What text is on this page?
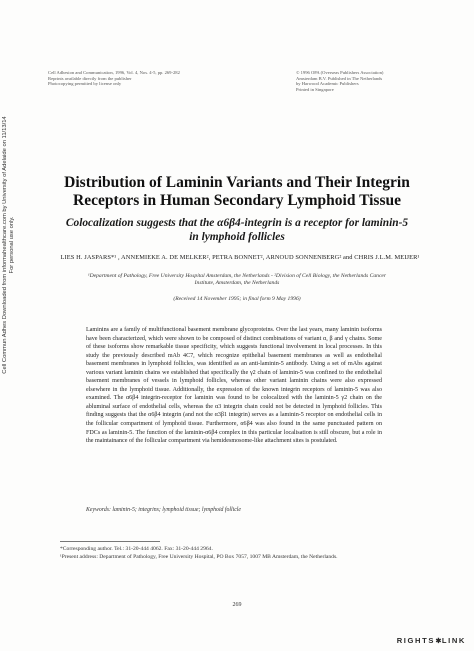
Cell Adhesion and Communication, 1996, Vol. 4, Nos. 4-5, pp. 269-282
Reprints available directly from the publisher
Photocopying permitted by license only
© 1996 OPA (Overseas Publishers Association)
Amsterdam B.V. Published in The Netherlands
by Harwood Academic Publishers
Printed in Singapore
Cell Commun Adhes Downloaded from informahealthcare.com by University of Adelaide on 11/13/14 For personal use only.
Distribution of Laminin Variants and Their Integrin
Receptors in Human Secondary Lymphoid Tissue
Colocalization suggests that the α6β4-integrin is a receptor for laminin-5
in lymphoid follicles
LIES H. JASPARS*¹ , ANNEMIEKE A. DE MELKER², PETRA BONNET², ARNOUD SONNENBERG² and CHRIS J.L.M. MEIJER¹
¹Department of Pathology, Free University Hospital Amsterdam, the Netherlands - ²Division of Cell Biology, the Netherlands Cancer
Institute, Amsterdam, the Netherlands
(Received 14 November 1995; in final form 9 May 1996)
Laminins are a family of multifunctional basement membrane glycoproteins. Over the last years, many laminin isoforms have been characterized, which were shown to be composed of distinct combinations of variant α, β and γ chains. Some of these isoforms show remarkable tissue specificity, which suggests functional involvement in local processes. In this study the previously described mAb 4C7, which recognize epithelial basement membranes as well as endothelial basement membranes in lymphoid follicles, was identified as an anti-laminin-5 antibody. Using a set of mAbs against various variant laminin chains we established that specifically the γ2 chain of laminin-5 was confined to the endothelial basement membranes of vessels in lymphoid follicles, whereas other variant laminin chains were also expressed elsewhere in the lymphoid tissue. Additionally, the expression of the known integrin receptors of laminin-5 was also examined. The α6β4 integrin-receptor for laminin was found to be colocalized with the laminin-5 γ2 chain on the abluminal surface of endothelial cells, whereas the α3 integrin chain could not be detected in lymphoid follicles. This finding suggests that the α6β4 integrin (and not the α3β1 integrin) serves as a laminin-5 receptor on endothelial cells in the follicular compartment of lymphoid tissue. Furthermore, α6β4 was also found in the same punctuated pattern on FDCs as laminin-5. The function of the laminin-α6β4 complex in this particular localisation is still obscure, but a role in the maintainance of the follicular compartment via hemidesmosome-like attachment sites is postulated.
Keywords: laminin-5; integrins; lymphoid tissue; lymphoid follicle
*Corresponding author. Tel.: 31-20-444 4062. Fax: 31-20-444 2964.
¹Present address: Department of Pathology, Free University Hospital, PO Box 7057, 1007 MB Amsterdam, the Netherlands.
269
RIGHTS ✱ LINK
